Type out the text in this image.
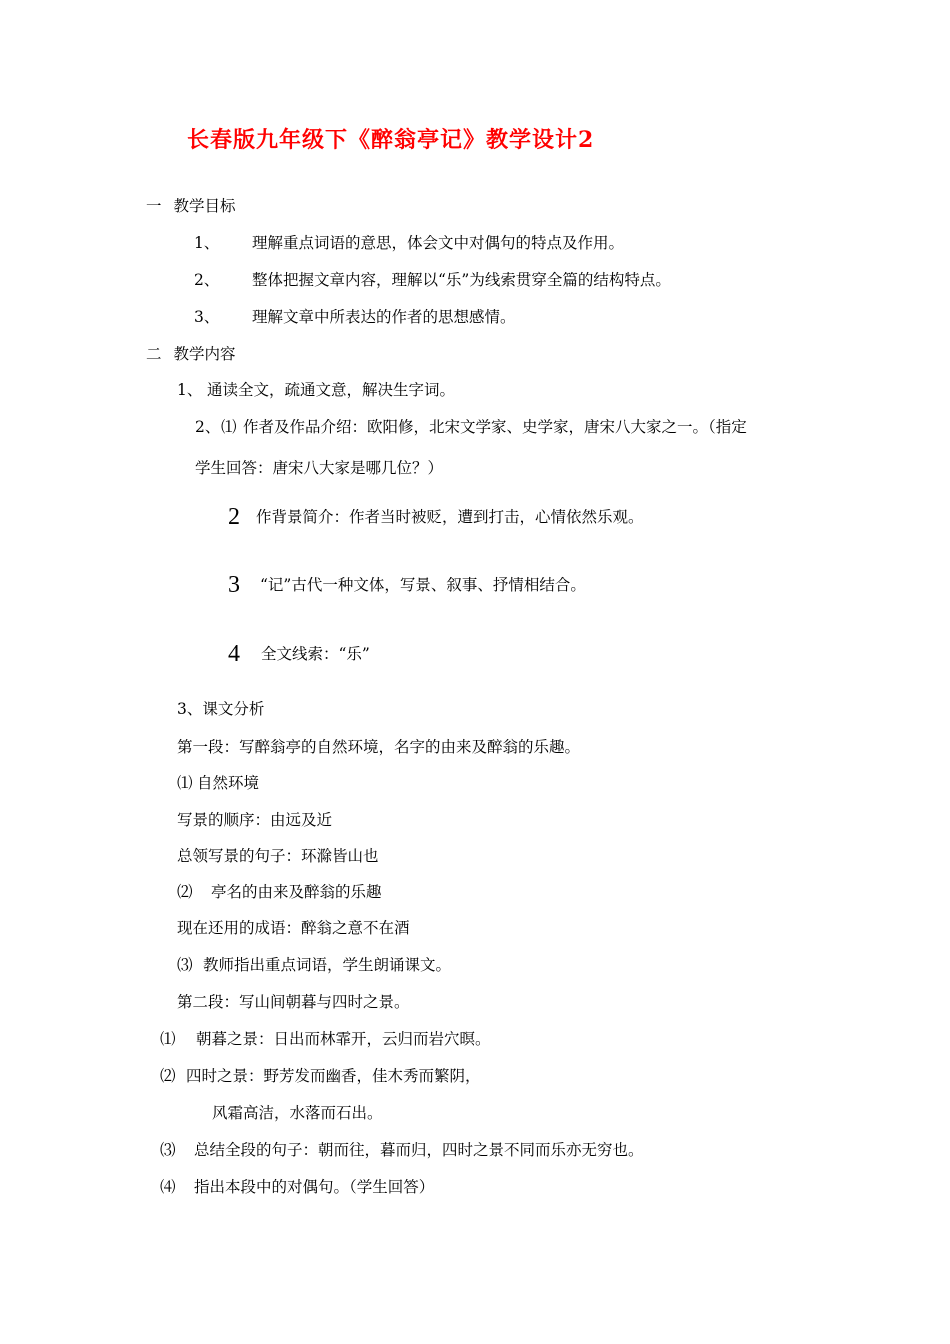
长春版九年级下《醉翁亭记》教学设计2
一 教学目标
1、 理解重点词语的意思，体会文中对偶句的特点及作用。
2、 整体把握文章内容，理解以“乐”为线索贯穿全篇的结构特点。
3、 理解文章中所表达的作者的思想感情。
二 教学内容
1、 通读全文，疏通文意，解决生字词。
2、⑴ 作者及作品介绍：欧阳修，北宋文学家、史学家，唐宋八大家之一。（指定
学生回答：唐宋八大家是哪几位？）
2 作背景简介：作者当时被贬，遭到打击，心情依然乐观。
3 “记”古代一种文体，写景、叙事、抒情相结合。
4 全文线索：“乐”
3、课文分析
第一段：写醉翁亭的自然环境，名字的由来及醉翁的乐趣。
⑴ 自然环境
写景的顺序：由远及近
总领写景的句子：环滁皆山也
⑵ 亭名的由来及醉翁的乐趣
现在还用的成语：醉翁之意不在酒
⑶ 教师指出重点词语，学生朗诵课文。
第二段：写山间朝暮与四时之景。
⑴ 朝暮之景：日出而林霏开，云归而岩穴暝。
⑵ 四时之景：野芳发而幽香，佳木秀而繁阴，
风霜高洁，水落而石出。
⑶ 总结全段的句子：朝而往，暮而归，四时之景不同而乐亦无穷也。
⑷ 指出本段中的对偶句。（学生回答）
